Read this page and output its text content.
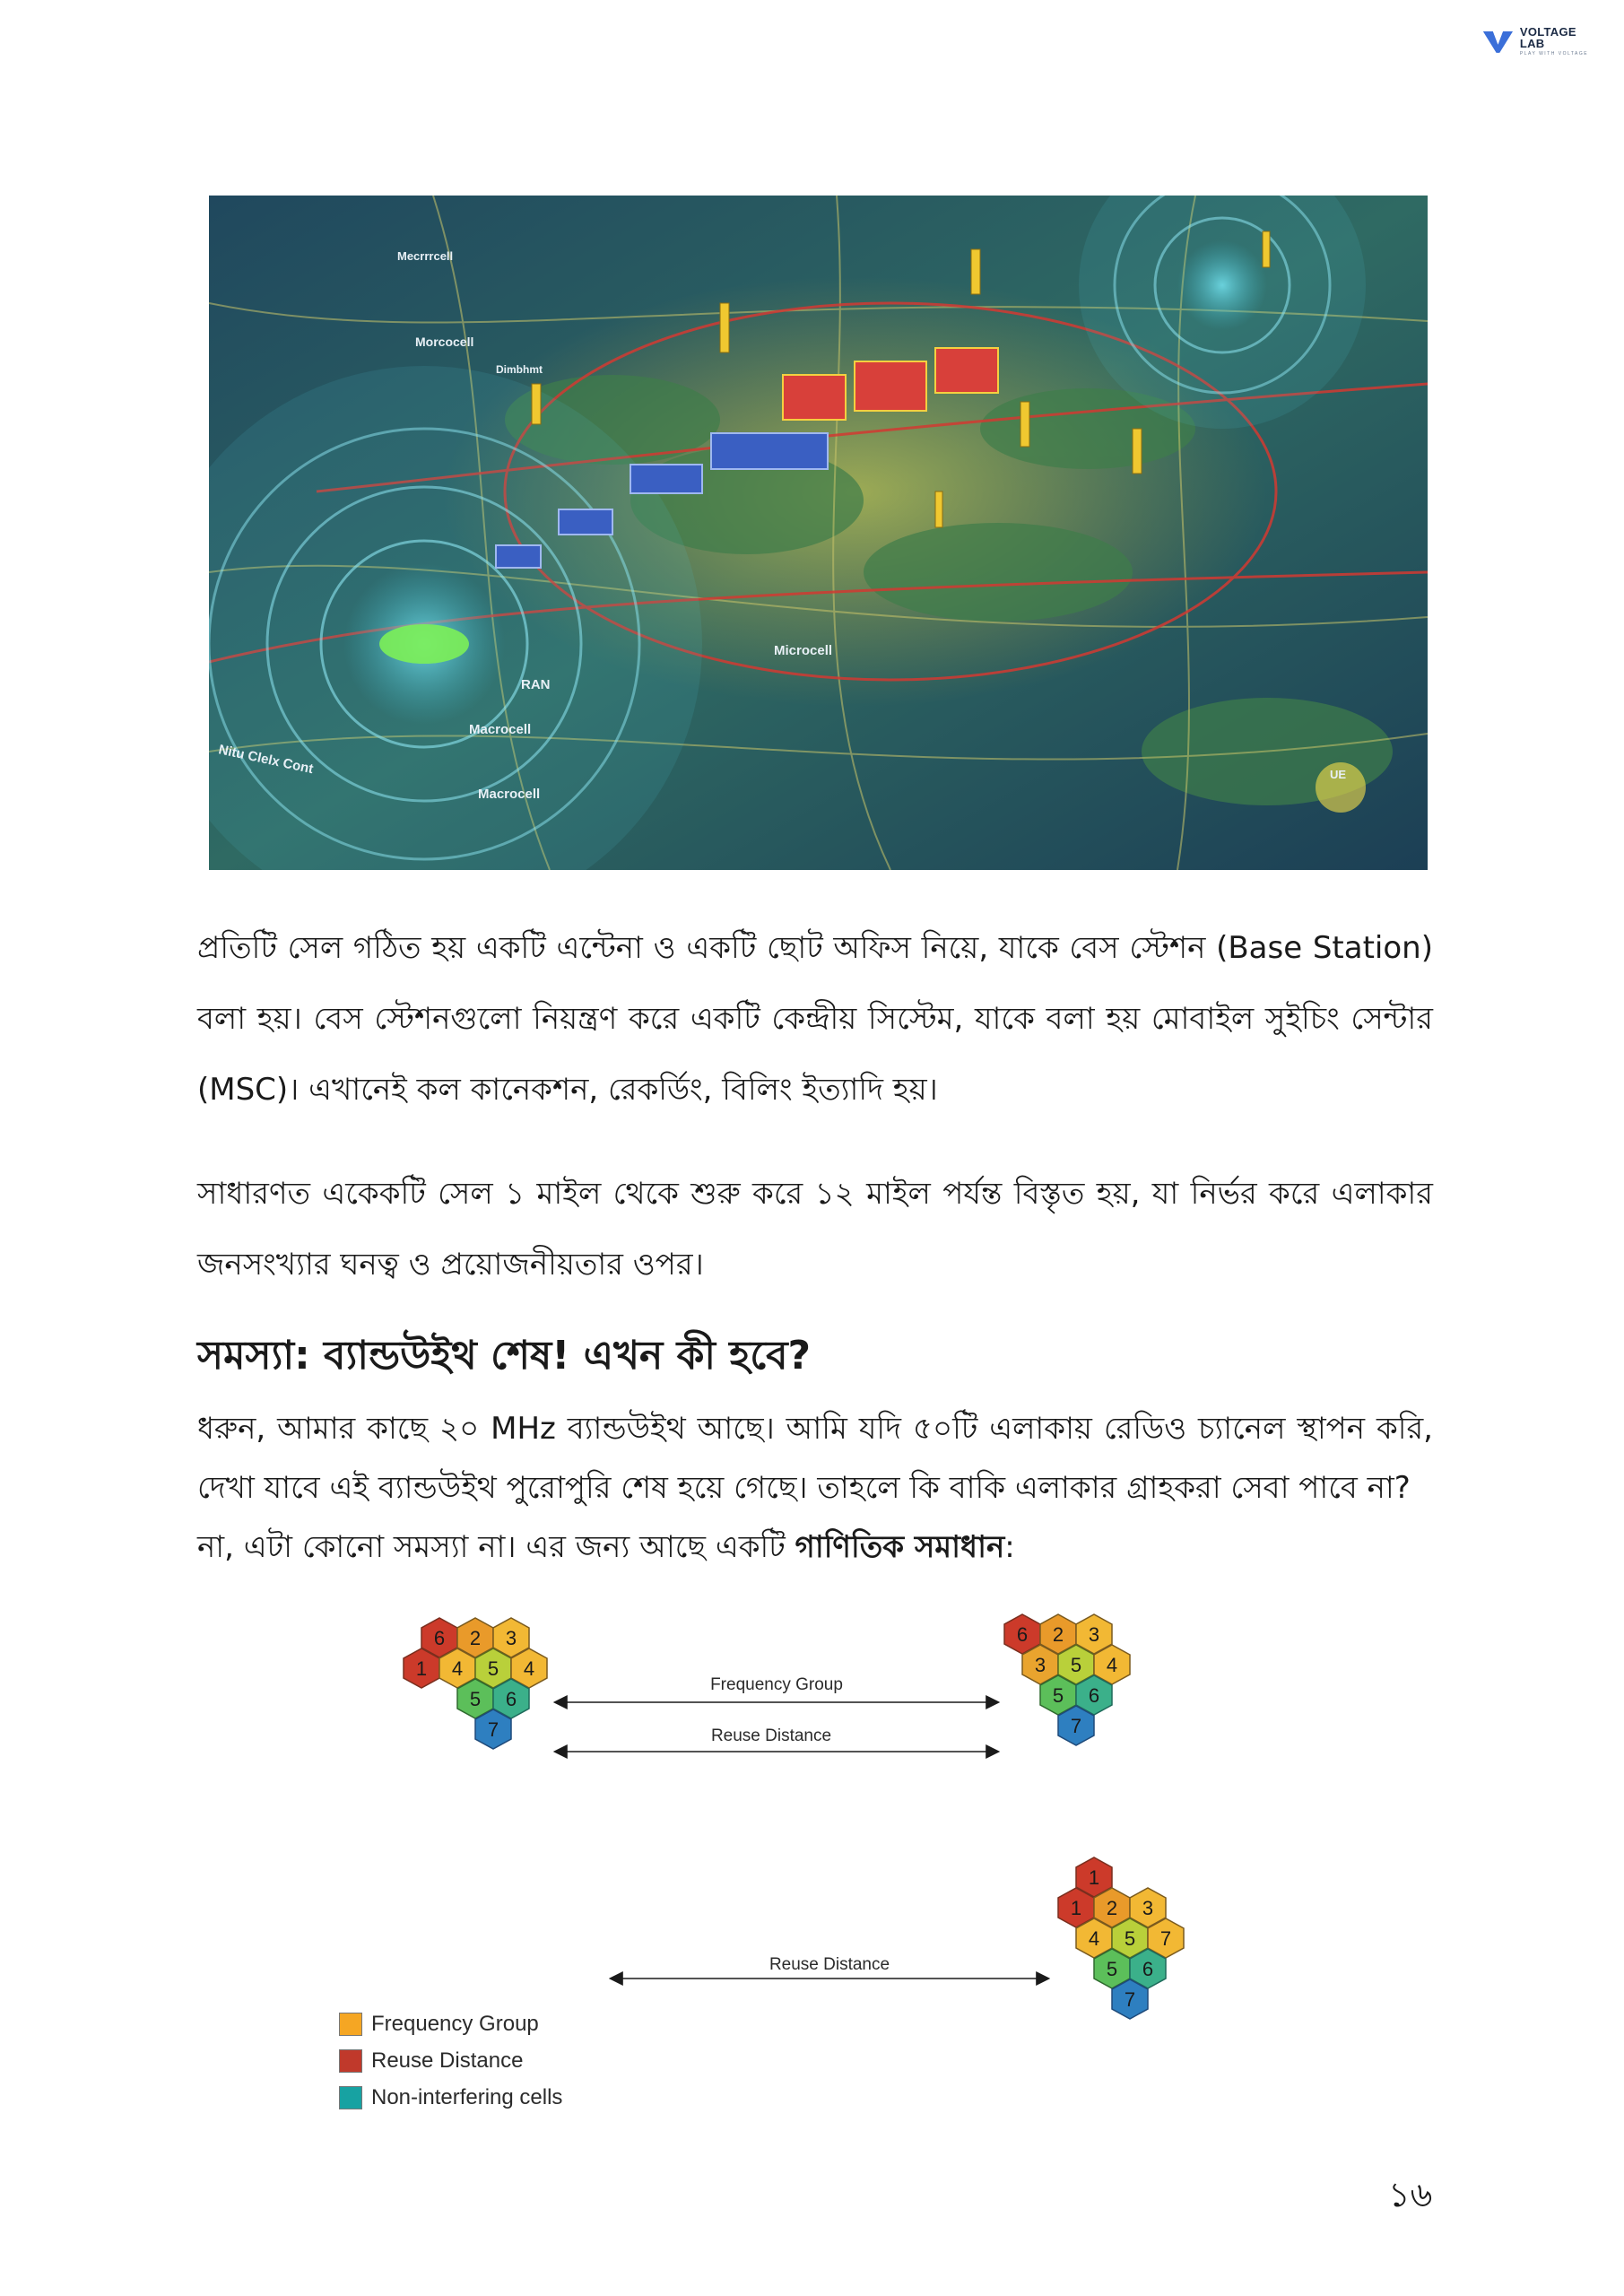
VOLTAGE LAB
PLAY WITH VOLTAGE
Mecrrrcell
Morcocell
Dimbhmt
Microcell
RAN
Macrocell
Nitu Clelx Cont
Macrocell
UE

প্রতিটি সেল গঠিত হয় একটি এন্টেনা ও একটি ছোট অফিস নিয়ে, যাকে বেস স্টেশন (Base Station) বলা হয়। বেস স্টেশনগুলো নিয়ন্ত্রণ করে একটি কেন্দ্রীয় সিস্টেম, যাকে বলা হয় মোবাইল সুইচিং সেন্টার (MSC)। এখানেই কল কানেকশন, রেকর্ডিং, বিলিং ইত্যাদি হয়।

সাধারণত একেকটি সেল ১ মাইল থেকে শুরু করে ১২ মাইল পর্যন্ত বিস্তৃত হয়, যা নির্ভর করে এলাকার জনসংখ্যার ঘনত্ব ও প্রয়োজনীয়তার ওপর।

সমস্যা: ব্যান্ডউইথ শেষ! এখন কী হবে?
ধরুন, আমার কাছে ২০ MHz ব্যান্ডউইথ আছে। আমি যদি ৫০টি এলাকায় রেডিও চ্যানেল স্থাপন করি, দেখা যাবে এই ব্যান্ডউইথ পুরোপুরি শেষ হয়ে গেছে। তাহলে কি বাকি এলাকার গ্রাহকরা সেবা পাবে না?
না, এটা কোনো সমস্যা না। এর জন্য আছে একটি গাণিতিক সমাধান:
6 2 3
1 4 5 4
5 6
7
6 2 3
3 5 4
5 6
7
1
1 2 3
4 5 7
5 6
7
Frequency Group
Reuse Distance
Reuse Distance
Frequency Group
Reuse Distance
Non-interfering cells
১৬
